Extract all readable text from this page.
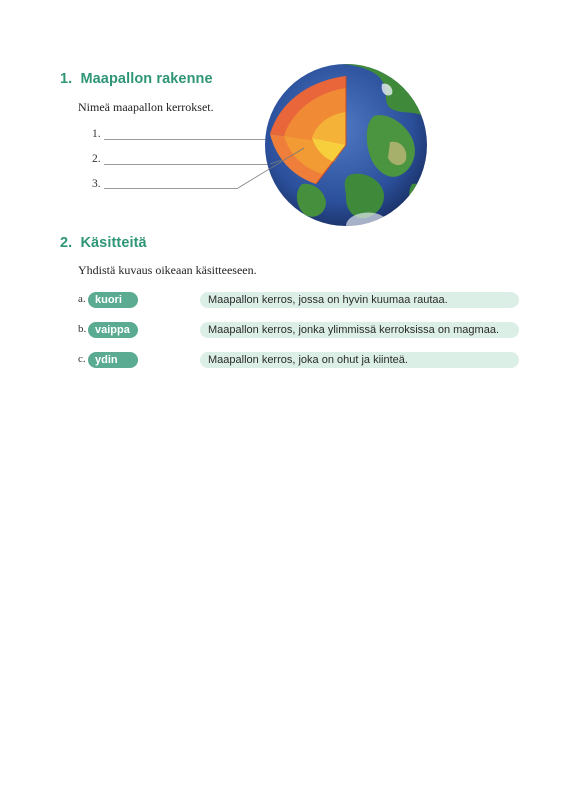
1. Maapallon rakenne
Nimeä maapallon kerrokset.
1.
2.
3.
2. Käsitteitä
Yhdistä kuvaus oikeaan käsitteeseen.
a. kuori	Maapallon kerros, jossa on hyvin kuumaa rautaa.
b. vaippa	Maapallon kerros, jonka ylimmissä kerroksissa on magmaa.
c. ydin	Maapallon kerros, joka on ohut ja kiinteä.
